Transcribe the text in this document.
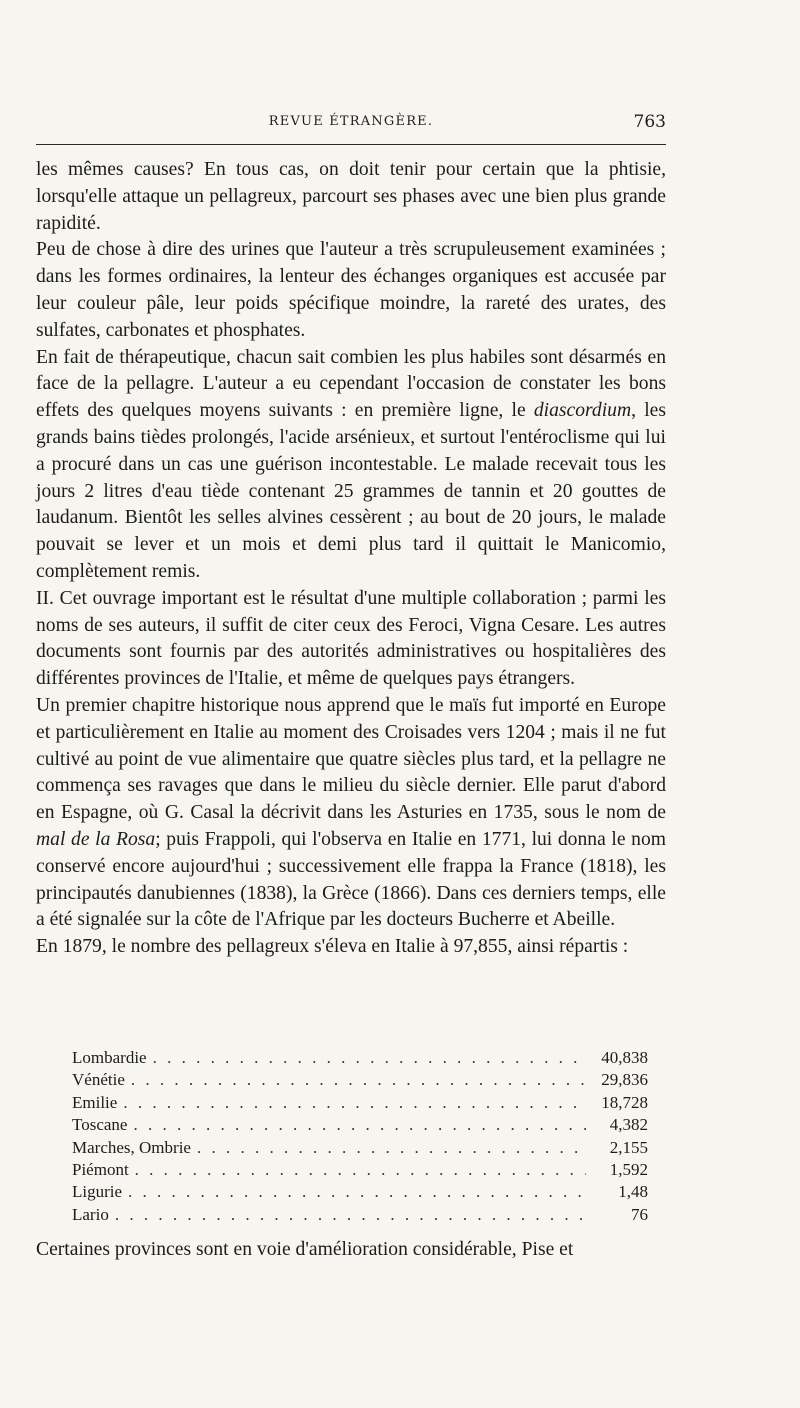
REVUE ÉTRANGÈRE.	763

les mêmes causes? En tous cas, on doit tenir pour certain que la phtisie, lorsqu'elle attaque un pellagreux, parcourt ses phases avec une bien plus grande rapidité.

Peu de chose à dire des urines que l'auteur a très scrupuleusement examinées ; dans les formes ordinaires, la lenteur des échanges organiques est accusée par leur couleur pâle, leur poids spécifique moindre, la rareté des urates, des sulfates, carbonates et phosphates.

En fait de thérapeutique, chacun sait combien les plus habiles sont désarmés en face de la pellagre. L'auteur a eu cependant l'occasion de constater les bons effets des quelques moyens suivants : en première ligne, le diascordium, les grands bains tièdes prolongés, l'acide arsénieux, et surtout l'entéroclisme qui lui a procuré dans un cas une guérison incontestable. Le malade recevait tous les jours 2 litres d'eau tiède contenant 25 grammes de tannin et 20 gouttes de laudanum. Bientôt les selles alvines cessèrent ; au bout de 20 jours, le malade pouvait se lever et un mois et demi plus tard il quittait le Manicomio, complètement remis.

II. Cet ouvrage important est le résultat d'une multiple collaboration ; parmi les noms de ses auteurs, il suffit de citer ceux des Feroci, Vigna Cesare. Les autres documents sont fournis par des autorités administratives ou hospitalières des différentes provinces de l'Italie, et même de quelques pays étrangers.

Un premier chapitre historique nous apprend que le maïs fut importé en Europe et particulièrement en Italie au moment des Croisades vers 1204 ; mais il ne fut cultivé au point de vue alimentaire que quatre siècles plus tard, et la pellagre ne commença ses ravages que dans le milieu du siècle dernier. Elle parut d'abord en Espagne, où G. Casal la décrivit dans les Asturies en 1735, sous le nom de mal de la Rosa; puis Frappoli, qui l'observa en Italie en 1771, lui donna le nom conservé encore aujourd'hui ; successivement elle frappa la France (1818), les principautés danubiennes (1838), la Grèce (1866). Dans ces derniers temps, elle a été signalée sur la côte de l'Afrique par les docteurs Bucherre et Abeille.

En 1879, le nombre des pellagreux s'éleva en Italie à 97,855, ainsi répartis :

Lombardie . . .	40,838
Vénétie . . .	29,836
Emilie . . .	18,728
Toscane . . .	4,382
Marches, Ombrie . . .	2,155
Piémont . . .	1,592
Ligurie . . .	1,48
Lario . . .	76
Certaines provinces sont en voie d'amélioration considérable, Pise et
